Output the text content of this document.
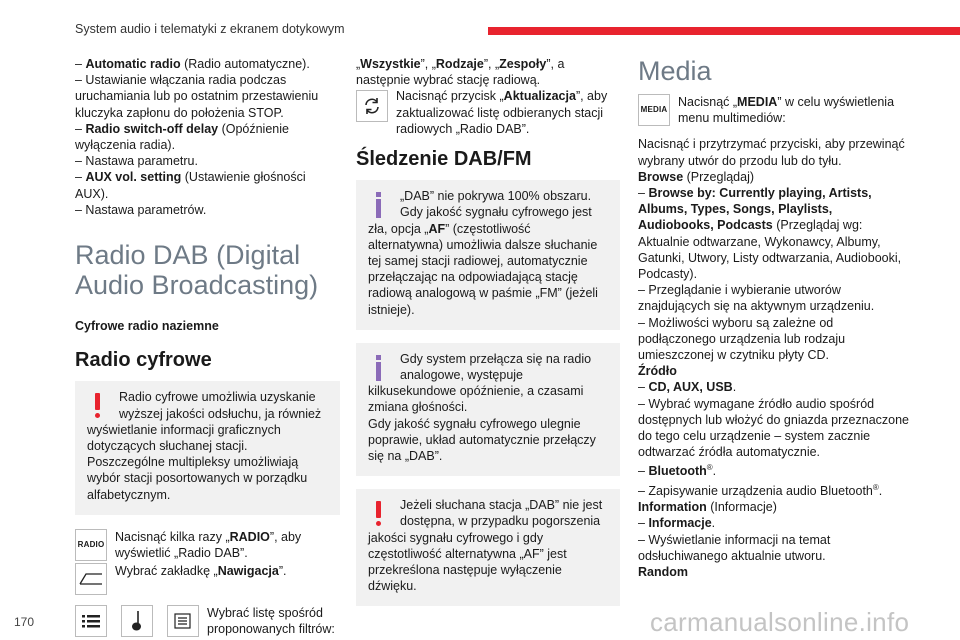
System audio i telematyki z ekranem dotykowym

– Automatic radio (Radio automatyczne).

– Ustawianie włączania radia podczas uruchamiania lub po ostatnim przestawieniu kluczyka zapłonu do położenia STOP.

– Radio switch-off delay (Opóźnienie wyłączenia radia).

– Nastawa parametru.

– AUX vol. setting (Ustawienie głośności AUX).

– Nastawa parametrów.

Radio DAB (Digital Audio Broadcasting)

Cyfrowe radio naziemne

Radio cyfrowe

Radio cyfrowe umożliwia uzyskanie wyższej jakości odsłuchu, ja również wyświetlanie informacji graficznych dotyczących słuchanej stacji.

Poszczególne multipleksy umożliwiają wybór stacji posortowanych w porządku alfabetycznym.

RADIO

Nacisnąć kilka razy „RADIO”, aby wyświetlić „Radio DAB”.

Wybrać zakładkę „Nawigacja”.

Wybrać listę spośród proponowanych filtrów:

„Wszystkie”, „Rodzaje”, „Zespoły”, a następnie wybrać stację radiową.

Nacisnąć przycisk „Aktualizacja”, aby zaktualizować listę odbieranych stacji radiowych „Radio DAB”.

Śledzenie DAB/FM

„DAB” nie pokrywa 100% obszaru.

Gdy jakość sygnału cyfrowego jest zła, opcja „AF” (częstotliwość alternatywna) umożliwia dalsze słuchanie tej samej stacji radiowej, automatycznie przełączając na odpowiadającą stację radiową analogową w paśmie „FM” (jeżeli istnieje).

Gdy system przełącza się na radio analogowe, występuje kilkusekundowe opóźnienie, a czasami zmiana głośności.

Gdy jakość sygnału cyfrowego ulegnie poprawie, układ automatycznie przełączy się na „DAB”.

Jeżeli słuchana stacja „DAB” nie jest dostępna, w przypadku pogorszenia jakości sygnału cyfrowego i gdy częstotliwość alternatywna „AF” jest przekreślona następuje wyłączenie dźwięku.

Media
MEDIA

Nacisnąć „MEDIA” w celu wyświetlenia menu multimediów:

Nacisnąć i przytrzymać przyciski, aby przewinąć wybrany utwór do przodu lub do tyłu.

Browse (Przeglądaj)

– Browse by: Currently playing, Artists, Albums, Types, Songs, Playlists, Audiobooks, Podcasts (Przeglądaj wg: Aktualnie odtwarzane, Wykonawcy, Albumy, Gatunki, Utwory, Listy odtwarzania, Audiobooki, Podcasty).

– Przeglądanie i wybieranie utworów znajdujących się na aktywnym urządzeniu.

– Możliwości wyboru są zależne od podłączonego urządzenia lub rodzaju umieszczonej w czytniku płyty CD.

Źródło

– CD, AUX, USB.

– Wybrać wymagane źródło audio spośród dostępnych lub włożyć do gniazda przeznaczone do tego celu urządzenie – system zacznie odtwarzać źródła automatycznie.

– Bluetooth®.

– Zapisywanie urządzenia audio Bluetooth®.

Information (Informacje)

– Informacje.

– Wyświetlanie informacji na temat odsłuchiwanego aktualnie utworu.

Random

170	carmanualsonline.info
